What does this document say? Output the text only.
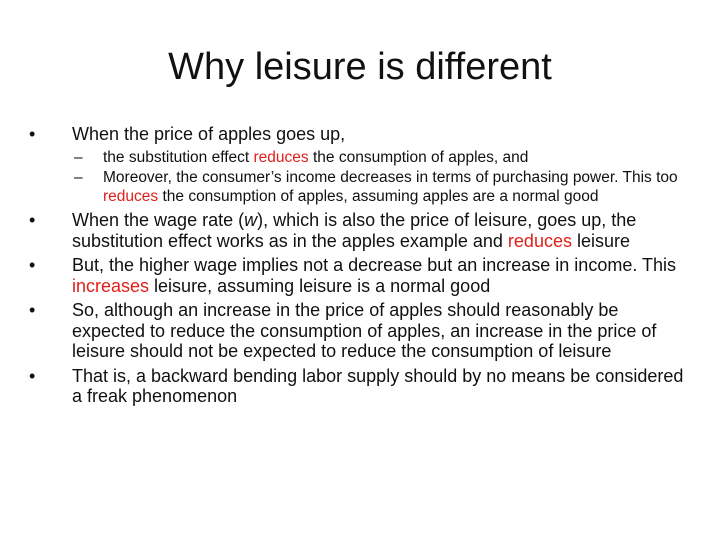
Why leisure is different
•	When the price of apples goes up,
–	the substitution effect reduces the consumption of apples, and
–	Moreover, the consumer’s income decreases in terms of purchasing power. This too reduces the consumption of apples, assuming apples are a normal good
•	When the wage rate (w), which is also the price of leisure, goes up, the substitution effect works as in the apples example and reduces leisure
•	But, the higher wage implies not a decrease but an increase in income. This increases leisure, assuming leisure is a normal good
•	So, although an increase in the price of apples should reasonably be expected to reduce the consumption of apples, an increase in the price of leisure should not be expected to reduce the consumption of leisure
•	That is, a backward bending labor supply should by no means be considered a freak phenomenon
